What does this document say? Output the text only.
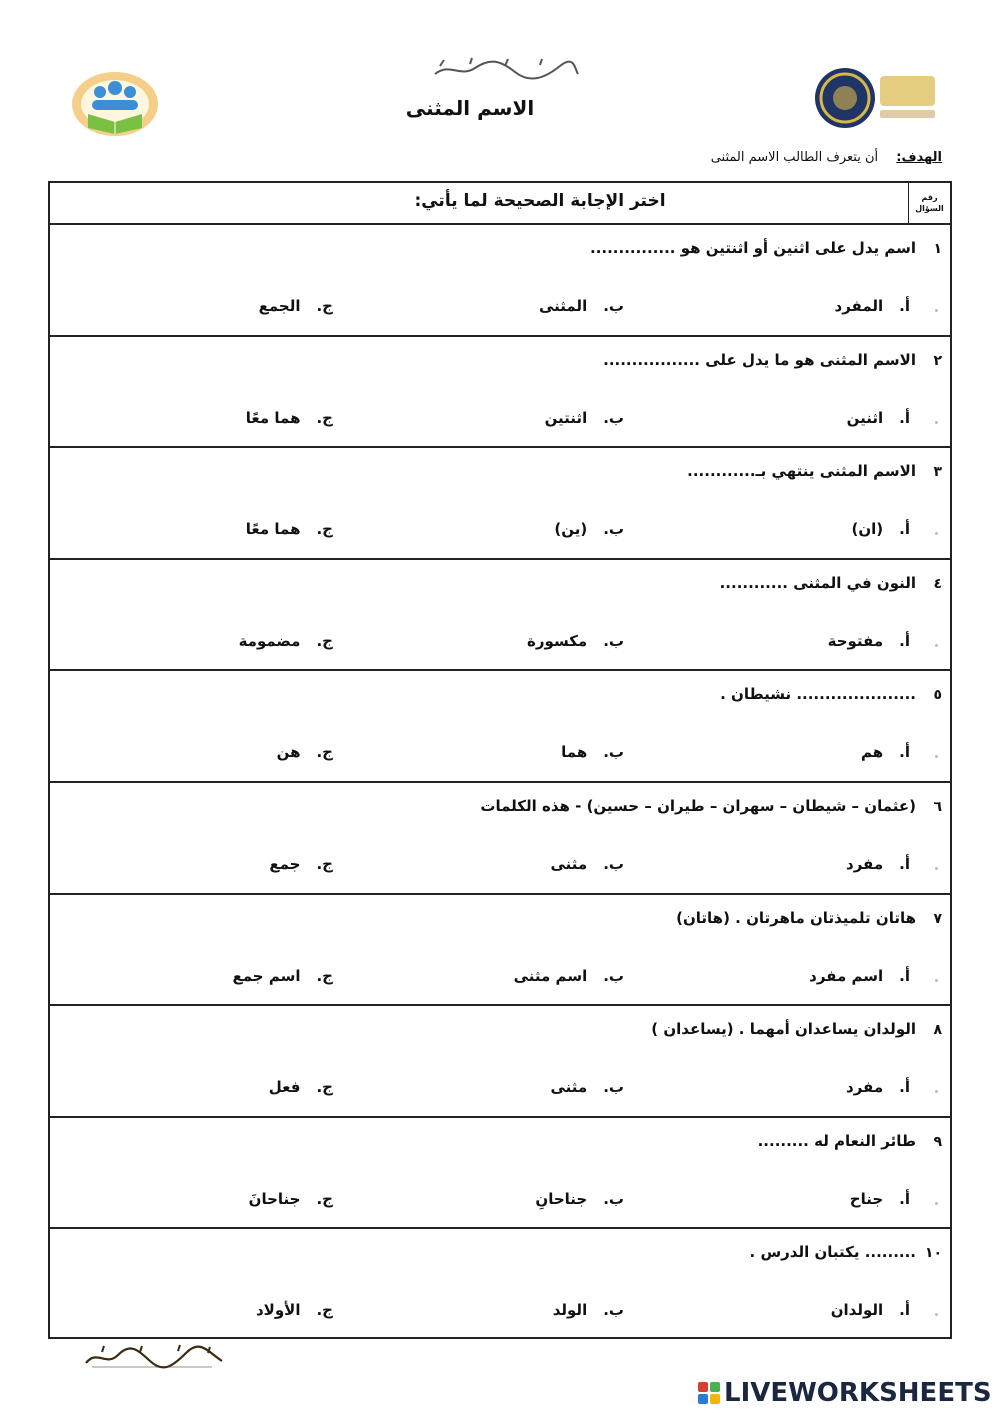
الاسم المثنى
الهدف: أن يتعرف الطالب الاسم المثنى
رقم
السؤال
اختر الإجابة الصحيحة لما يأتي:
١
اسم يدل على اثنين أو اثنتين هو ...............
أ.المفرد
ب.المثنى
ج.الجمع
٢
الاسم المثنى هو ما يدل على .................
أ.اثنين
ب.اثنتين
ج.هما معًا
٣
الاسم المثنى ينتهي بـ............
أ.(ان)
ب.(ين)
ج.هما معًا
٤
النون في المثنى ............
أ.مفتوحة
ب.مكسورة
ج.مضمومة
٥
..................... نشيطان .
أ.هم
ب.هما
ج.هن
٦
(عثمان – شيطان – سهران – طيران – حسين) - هذه الكلمات
أ.مفرد
ب.مثنى
ج.جمع
٧
هاتان تلميذتان ماهرتان . (هاتان)
أ.اسم مفرد
ب.اسم مثنى
ج.اسم جمع
٨
الولدان يساعدان أمهما . (يساعدان )
أ.مفرد
ب.مثنى
ج.فعل
٩
طائر النعام له .........
أ.جناح
ب.جناحانِ
ج.جناحانَ
١٠
......... يكتبان الدرس .
أ.الولدان
ب.الولد
ج.الأولاد
LIVEWORKSHEETS
